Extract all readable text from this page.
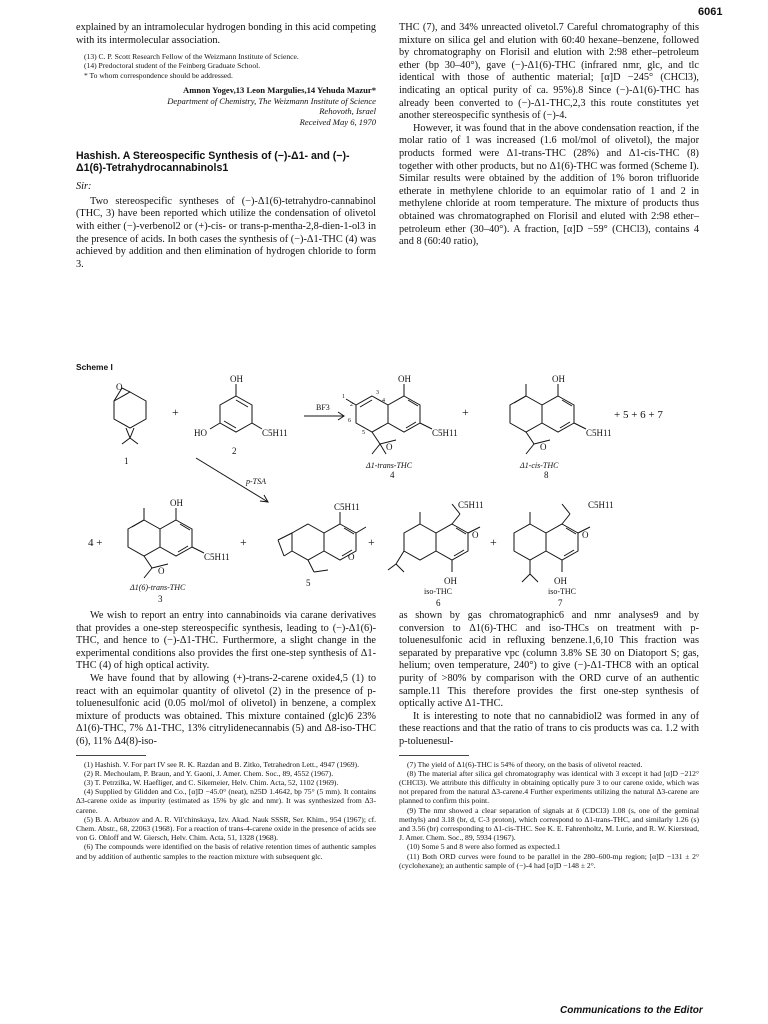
6061

explained by an intramolecular hydrogen bonding in this acid competing with its intermolecular association.

(13) C. P. Scott Research Fellow of the Weizmann Institute of Science.
(14) Predoctoral student of the Feinberg Graduate School.
* To whom correspondence should be addressed.
Amnon Yogev,13 Leon Margulies,14 Yehuda Mazur*
Department of Chemistry, The Weizmann Institute of Science
Rehovoth, Israel
Received May 6, 1970
Hashish. A Stereospecific Synthesis of (−)-Δ1- and (−)-Δ1(6)-Tetrahydrocannabinols1
Sir:

Two stereospecific syntheses of (−)-Δ1(6)-tetrahydro-cannabinol (THC, 3) have been reported which utilize the condensation of olivetol with either (−)-verbenol2 or (+)-cis- or trans-p-mentha-2,8-dien-1-ol3 in the presence of acids. In both cases the synthesis of (−)-Δ1-THC (4) was achieved by addition and then elimination of hydrogen chloride to form 3.

THC (7), and 34% unreacted olivetol.7 Careful chromatography of this mixture on silica gel and elution with 60:40 hexane–benzene, followed by chromatography on Florisil and elution with 2:98 ether–petroleum ether (bp 30–40°), gave (−)-Δ1(6)-THC (infrared nmr, glc, and tlc identical with those of authentic material; [α]D −245° (CHCl3), indicating an optical purity of ca. 95%).8 Since (−)-Δ1(6)-THC has already been converted to (−)-Δ1-THC,2,3 this route constitutes yet another stereospecific synthesis of (−)-4.

However, it was found that in the above condensation reaction, if the molar ratio of 1 was increased (1.6 mol/mol of olivetol), the major products formed were Δ1-trans-THC (28%) and Δ1-cis-THC (8) together with other products, but no Δ1(6)-THC was formed (Scheme I). Similar results were obtained by the addition of 1% boron trifluoride etherate in methylene chloride to an equimolar ratio of 1 and 2 in methylene chloride at room temperature. The mixture of products thus obtained was chromatographed on Florisil and eluted with 2:98 ether–petroleum ether (30–40°). A fraction, [α]D −59° (CHCl3), contains 4 and 8 (60:40 ratio),

Scheme I
O
+
1
OH
HO	C5H11
2
BF3
p-TSA
1
2
6
5
3
4
OH
C5H11
O
Δ1-trans-THC
4
+
OH
C5H11
O
Δ1-cis-THC
8
+ 5 + 6 + 7
4 +
OH
C5H11
O
Δ1(6)-trans-THC
3
+
C5H11
O
5
+
C5H11
O
OH
iso-THC
6
+
C5H11
O
OH
iso-THC
7

We wish to report an entry into cannabinoids via carane derivatives that provides a one-step stereospecific synthesis, leading to (−)-Δ1(6)-THC, and hence to (−)-Δ1-THC. Furthermore, a slight change in the experimental conditions also provides the first one-step synthesis of Δ1-THC (4) of high optical activity.

We have found that by allowing (+)-trans-2-carene oxide4,5 (1) to react with an equimolar quantity of olivetol (2) in the presence of p-toluenesulfonic acid (0.05 mol/mol of olivetol) in benzene, a complex mixture of products was obtained. This mixture contained (glc)6 23% Δ1(6)-THC, 7% Δ1-THC, 13% citrylidenecannabis (5) and Δ8-iso-THC (6), 11% Δ4(8)-iso-

(1) Hashish. V. For part IV see R. K. Razdan and B. Zitko, Tetrahedron Lett., 4947 (1969).
(2) R. Mechoulam, P. Braun, and Y. Gaoni, J. Amer. Chem. Soc., 89, 4552 (1967).
(3) T. Petrzilka, W. Haefliger, and C. Sikemeier, Helv. Chim. Acta, 52, 1102 (1969).
(4) Supplied by Glidden and Co., [α]D −45.0° (neat), n25D 1.4642, bp 75° (5 mm). It contains Δ3-carene oxide as impurity (estimated as 15% by glc and nmr). It was synthesized from Δ3-carene.
(5) B. A. Arbuzov and A. R. Vil'chinskaya, Izv. Akad. Nauk SSSR, Ser. Khim., 954 (1967); cf. Chem. Abstr., 68, 22063 (1968). For a reaction of trans-4-carene oxide in the presence of acids see von G. Ohloff and W. Giersch, Helv. Chim. Acta, 51, 1328 (1968).
(6) The compounds were identified on the basis of relative retention times of authentic samples and by addition of authentic samples to the reaction mixture with subsequent glc.

as shown by gas chromatographic6 and nmr analyses9 and by conversion to Δ1(6)-THC and iso-THCs on treatment with p-toluenesulfonic acid in refluxing benzene.1,6,10 This fraction was separated by preparative vpc (column 3.8% SE 30 on Diatoport S; gas, helium; oven temperature, 240°) to give (−)-Δ1-THC8 with an optical purity of >80% by comparison with the ORD curve of an authentic sample.11 This therefore provides the first one-step synthesis of optically active Δ1-THC.

It is interesting to note that no cannabidiol2 was formed in any of these reactions and that the ratio of trans to cis products was ca. 1.2 with p-toluenesul-

(7) The yield of Δ1(6)-THC is 54% of theory, on the basis of olivetol reacted.
(8) The material after silica gel chromatography was identical with 3 except it had [α]D −212° (CHCl3). We attribute this difficulty in obtaining optically pure 3 to our carene oxide, which was not prepared from the natural Δ3-carene.4 Further experiments utilizing the natural Δ3-carene are planned to confirm this point.
(9) The nmr showed a clear separation of signals at δ (CDCl3) 1.08 (s, one of the geminal methyls) and 3.18 (br, d, C-3 proton), which correspond to Δ1-trans-THC, and similarly 1.26 (s) and 3.56 (br) corresponding to Δ1-cis-THC. See K. E. Fahrenholtz, M. Lurie, and R. W. Kierstead, J. Amer. Chem. Soc., 89, 5934 (1967).
(10) Some 5 and 8 were also formed as expected.1
(11) Both ORD curves were found to be parallel in the 280–600-mμ region; [α]D −131 ± 2° (cyclohexane); an authentic sample of (−)-4 had [α]D −148 ± 2°.
Communications to the Editor
